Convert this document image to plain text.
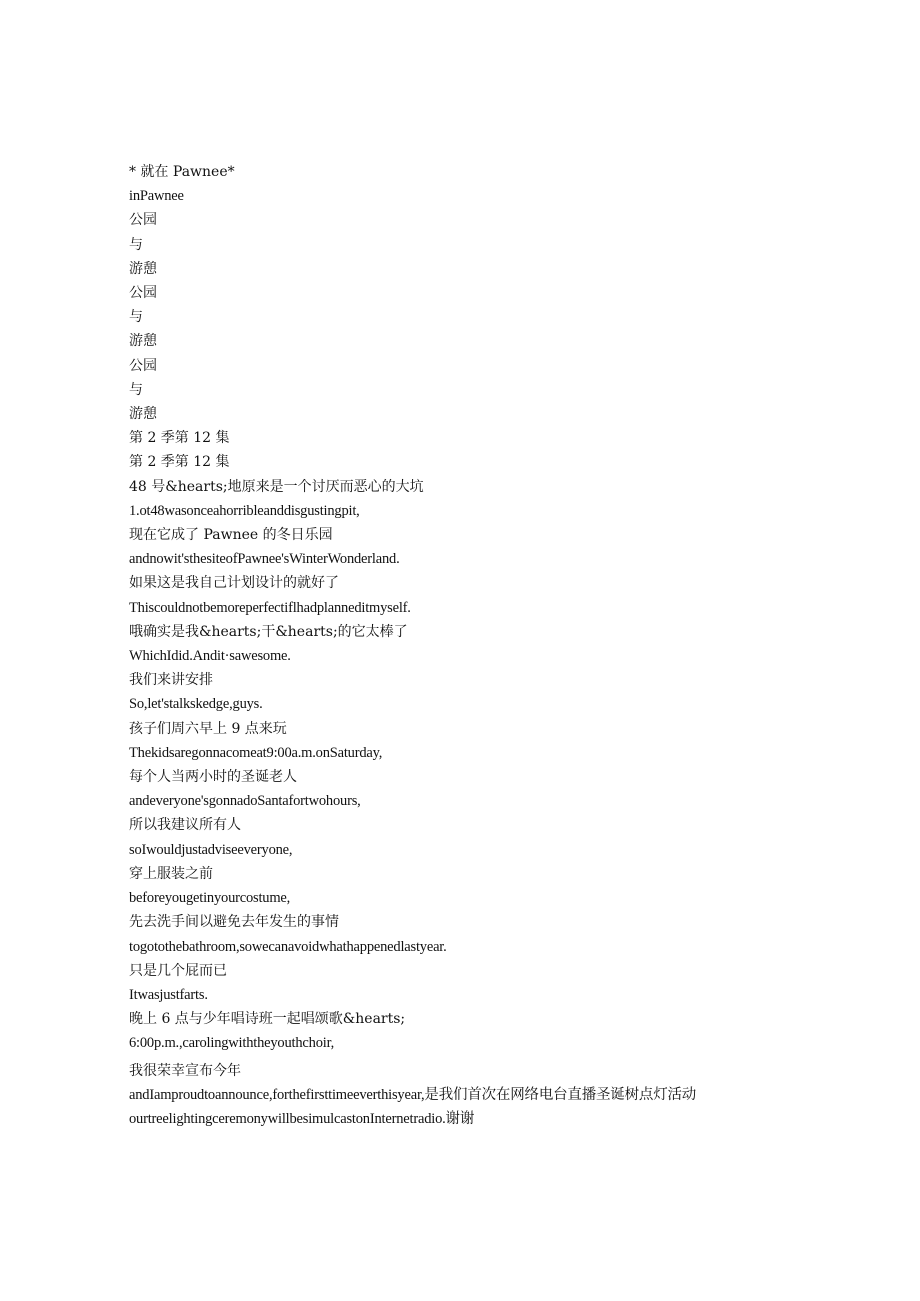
* 就在 Pawnee*
inPawnee
公园
与
游憩
公园
与
游憩
公园
与
游憩
第 2 季第 12 集
第 2 季第 12 集
48 号&hearts;地原来是一个讨厌而恶心的大坑
1.ot48wasonceahorribleanddisgustingpit,
现在它成了 Pawnee 的冬日乐园
andnowit'sthesiteofPawnee'sWinterWonderland.
如果这是我自己计划设计的就好了
Thiscouldnotbemoreperfectiflhadplanneditmyself.
哦确实是我&hearts;干&hearts;的它太棒了
WhichIdid.Andit·sawesome.
我们来讲安排
So,let'stalkskedge,guys.
孩子们周六早上 9 点来玩
Thekidsaregonnacomeat9:00a.m.onSaturday,
每个人当两小时的圣诞老人
andeveryone'sgonnadoSantafortwohours,
所以我建议所有人
soIwouldjustadviseeveryone,
穿上服装之前
beforeyougetinyourcostume,
先去洗手间以避免去年发生的事情
togotothebathroom,sowecanavoidwhathappenedlastyear.
只是几个屁而已
Itwasjustfarts.
晚上 6 点与少年唱诗班一起唱颂歌&hearts;
6:00p.m.,carolingwiththeyouthchoir,
我很荣幸宣布今年
andIamproudtoannounce,forthefirsttimeeverthisyear,是我们首次在网络电台直播圣诞树点灯活动
ourtreelightingceremonywillbesimulcastonInternetradio.谢谢
